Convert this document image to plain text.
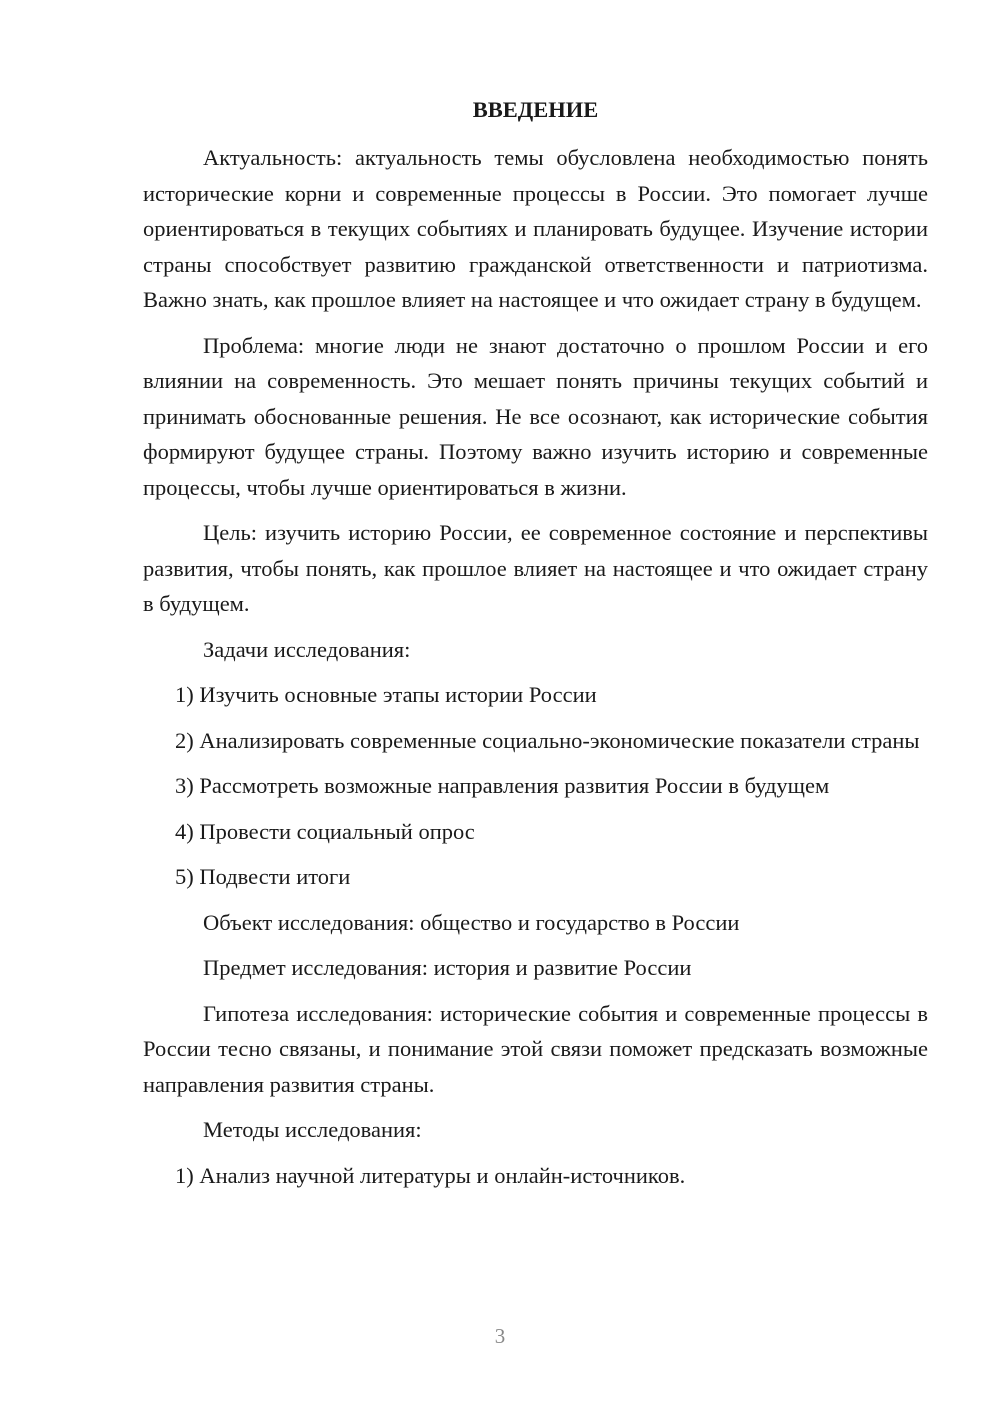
ВВЕДЕНИЕ

Актуальность: актуальность темы обусловлена необходимостью понять исторические корни и современные процессы в России. Это помогает лучше ориентироваться в текущих событиях и планировать будущее. Изучение истории страны способствует развитию гражданской ответственности и патриотизма. Важно знать, как прошлое влияет на настоящее и что ожидает страну в будущем.

Проблема: многие люди не знают достаточно о прошлом России и его влиянии на современность. Это мешает понять причины текущих событий и принимать обоснованные решения. Не все осознают, как исторические события формируют будущее страны. Поэтому важно изучить историю и современные процессы, чтобы лучше ориентироваться в жизни.

Цель: изучить историю России, ее современное состояние и перспективы развития, чтобы понять, как прошлое влияет на настоящее и что ожидает страну в будущем.

Задачи исследования:

1) Изучить основные этапы истории России

2) Анализировать современные социально-экономические показатели страны

3) Рассмотреть возможные направления развития России в будущем

4) Провести социальный опрос

5) Подвести итоги

Объект исследования: общество и государство в России

Предмет исследования: история и развитие России

Гипотеза исследования: исторические события и современные процессы в России тесно связаны, и понимание этой связи поможет предсказать возможные направления развития страны.

Методы исследования:

1) Анализ научной литературы и онлайн-источников.

3
